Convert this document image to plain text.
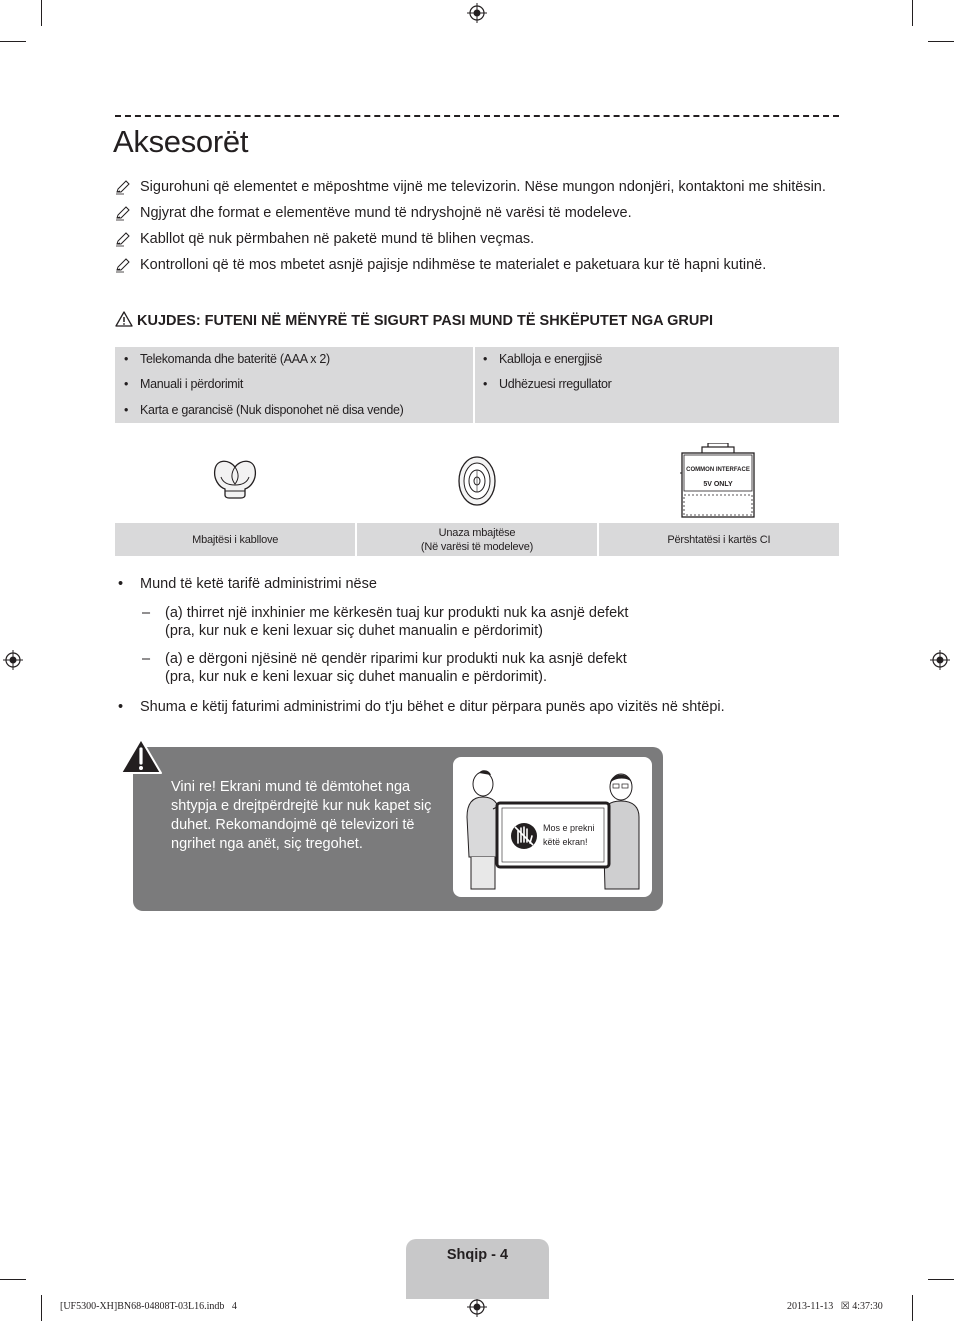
Aksesorët
Sigurohuni që elementet e mëposhtme vijnë me televizorin. Nëse mungon ndonjëri, kontaktoni me shitësin.
Ngjyrat dhe format e elementëve mund të ndryshojnë në varësi të modeleve.
Kabllot që nuk përmbahen në paketë mund të blihen veçmas.
Kontrolloni që të mos mbetet asnjë pajisje ndihmëse te materialet e paketuara kur të hapni kutinë.
KUJDES: FUTENI NË MËNYRË TË SIGURT PASI MUND TË SHKËPUTET NGA GRUPI
• Telekomanda dhe bateritë (AAA x 2)
• Manuali i përdorimit
• Karta e garancisë (Nuk disponohet në disa vende)
• Kabllоja e energjisë
• Udhëzuesi rregullator
COMMON INTERFACE
5V ONLY
Mbajtësi i kabllove
Unaza mbajtëse
(Në varësi të modeleve)
Përshtatësi i kartës CI
• Mund të ketë tarifë administrimi nëse
– (a) thirret një inxhinier me kërkesën tuaj kur produkti nuk ka asnjë defekt
(pra, kur nuk e keni lexuar siç duhet manualin e përdorimit)
– (a) e dërgoni njësinë në qendër riparimi kur produkti nuk ka asnjë defekt
(pra, kur nuk e keni lexuar siç duhet manualin e përdorimit).
• Shuma e këtij faturimi administrimi do t'ju bëhet e ditur përpara punës apo vizitës në shtëpi.
Vini re! Ekrani mund të dëmtohet nga shtypja e drejtpërdrejtë kur nuk kapet siç duhet. Rekomandojmë që televizori të ngrihet nga anët, siç tregohet.
Mos e prekni
këtë ekran!
Shqip - 4
[UF5300-XH]BN68-04808T-03L16.indb   4	2013-11-13   ☒ 4:37:30
